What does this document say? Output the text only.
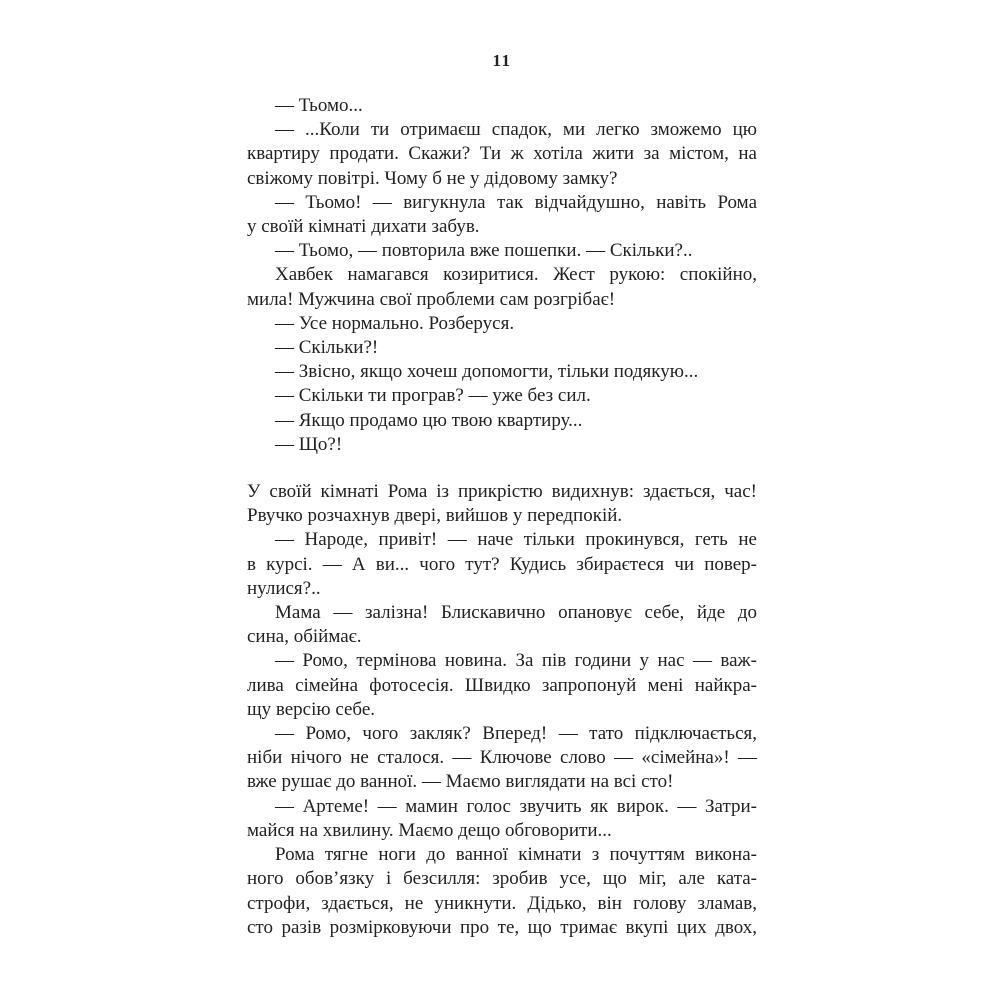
11
— Тьомо...
— ...Коли ти отримаєш спадок, ми легко зможемо цю
квартиру продати. Скажи? Ти ж хотіла жити за містом, на
свіжому повітрі. Чому б не у дідовому замку?
— Тьомо! — вигукнула так відчайдушно, навіть Рома
у своїй кімнаті дихати забув.
— Тьомо, — повторила вже пошепки. — Скільки?..
Хавбек намагався козиритися. Жест рукою: спокійно,
мила! Мужчина свої проблеми сам розгрібає!
— Усе нормально. Розберуся.
— Скільки?!
— Звісно, якщо хочеш допомогти, тільки подякую...
— Скільки ти програв? — уже без сил.
— Якщо продамо цю твою квартиру...
— Що?!
У своїй кімнаті Рома із прикрістю видихнув: здається, час!
Рвучко розчахнув двері, вийшов у передпокій.
— Народе, привіт! — наче тільки прокинувся, геть не
в курсі. — А ви... чого тут? Кудись збираєтеся чи повер-
нулися?..
Мама — залізна! Блискавично опановує себе, йде до
сина, обіймає.
— Ромо, термінова новина. За пів години у нас — важ-
лива сімейна фотосесія. Швидко запропонуй мені найкра-
щу версію себе.
— Ромо, чого закляк? Вперед! — тато підключається,
ніби нічого не сталося. — Ключове слово — «сімейна»! —
вже рушає до ванної. — Маємо виглядати на всі сто!
— Артеме! — мамин голос звучить як вирок. — Затри-
майся на хвилину. Маємо дещо обговорити...
Рома тягне ноги до ванної кімнати з почуттям викона-
ного обов’язку і безсилля: зробив усе, що міг, але ката-
строфи, здається, не уникнути. Дідько, він голову зламав,
сто разів розмірковуючи про те, що тримає вкупі цих двох,
